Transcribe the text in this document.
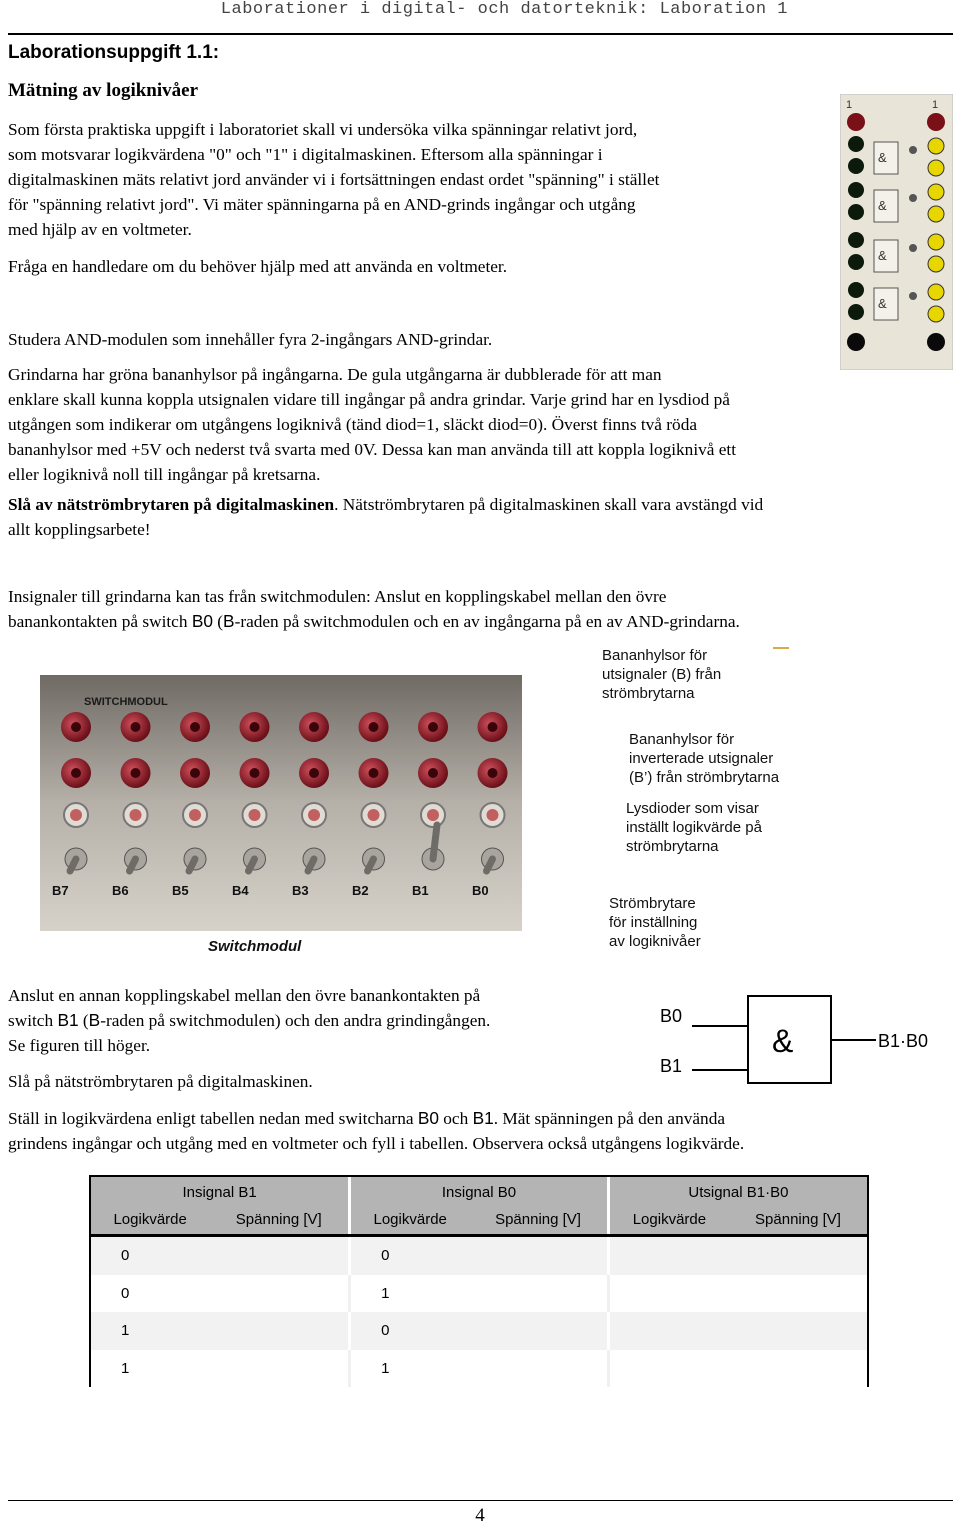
Laborationer i digital- och datorteknik: Laboration 1
Laborationsuppgift 1.1:
Mätning av logiknivåer
Som första praktiska uppgift i laboratoriet skall vi undersöka vilka spänningar relativt jord,
som motsvarar logikvärdena "0" och "1" i digitalmaskinen. Eftersom alla spänningar i
digitalmaskinen mäts relativt jord använder vi i fortsättningen endast ordet "spänning" i stället
för "spänning relativt jord". Vi mäter spänningarna på en AND-grinds ingångar och utgång
med hjälp av en voltmeter.
Fråga en handledare om du behöver hjälp med att använda en voltmeter.
Studera AND-modulen som innehåller fyra 2-ingångars AND-grindar.
1	1
&
&
&
&
Grindarna har gröna bananhylsor på ingångarna. De gula utgångarna är dubblerade för att man
enklare skall kunna koppla utsignalen vidare till ingångar på andra grindar. Varje grind har en lysdiod på
utgången som indikerar om utgångens logiknivå (tänd diod=1, släckt diod=0). Överst finns två röda
bananhylsor med +5V och nederst två svarta med 0V. Dessa kan man använda till att koppla logiknivå ett
eller logiknivå noll till ingångar på kretsarna.
Slå av nätströmbrytaren på digitalmaskinen. Nätströmbrytaren på digitalmaskinen skall vara avstängd vid
allt kopplingsarbete!
Insignaler till grindarna kan tas från switchmodulen: Anslut en kopplingskabel mellan den övre
banankontakten på switch B0 (B-raden på switchmodulen och en av ingångarna på en av AND-grindarna.
SWITCHMODUL
B7	B6	B5	B4	B3	B2	B1	B0
Switchmodul
Bananhylsor för
utsignaler (B) från
strömbrytarna
Bananhylsor för
inverterade utsignaler
(B’) från strömbrytarna
Lysdioder som visar
inställt logikvärde på
strömbrytarna
Strömbrytare
för inställning
av logiknivåer
Anslut en annan kopplingskabel mellan den övre banankontakten på
switch B1 (B-raden på switchmodulen) och den andra grindingången.
Se figuren till höger.
B0
B1
&	B1·B0
Slå på nätströmbrytaren på digitalmaskinen.
Ställ in logikvärdena enligt tabellen nedan med switcharna B0 och B1. Mät spänningen på den använda
grindens ingångar och utgång med en voltmeter och fyll i tabellen. Observera också utgångens logikvärde.
Insignal B1		Insignal B0		Utsignal B1·B0	
Logikvärde	Spänning [V]	Logikvärde	Spänning [V]	Logikvärde	Spänning [V]
0		0			
0		1			
1		0			
1		1			
4
